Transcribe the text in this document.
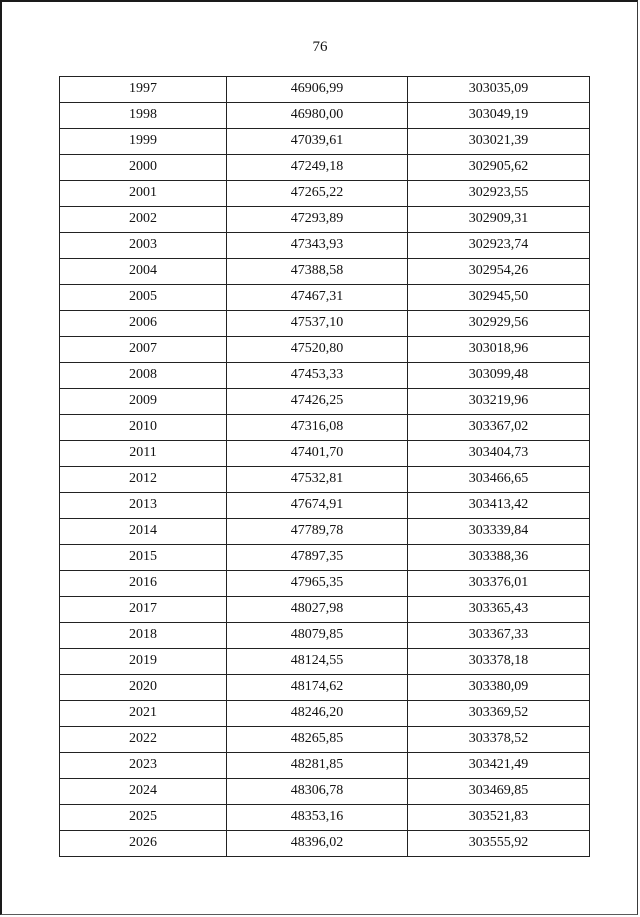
76
1997	46906,99	303035,09
1998	46980,00	303049,19
1999	47039,61	303021,39
2000	47249,18	302905,62
2001	47265,22	302923,55
2002	47293,89	302909,31
2003	47343,93	302923,74
2004	47388,58	302954,26
2005	47467,31	302945,50
2006	47537,10	302929,56
2007	47520,80	303018,96
2008	47453,33	303099,48
2009	47426,25	303219,96
2010	47316,08	303367,02
2011	47401,70	303404,73
2012	47532,81	303466,65
2013	47674,91	303413,42
2014	47789,78	303339,84
2015	47897,35	303388,36
2016	47965,35	303376,01
2017	48027,98	303365,43
2018	48079,85	303367,33
2019	48124,55	303378,18
2020	48174,62	303380,09
2021	48246,20	303369,52
2022	48265,85	303378,52
2023	48281,85	303421,49
2024	48306,78	303469,85
2025	48353,16	303521,83
2026	48396,02	303555,92
